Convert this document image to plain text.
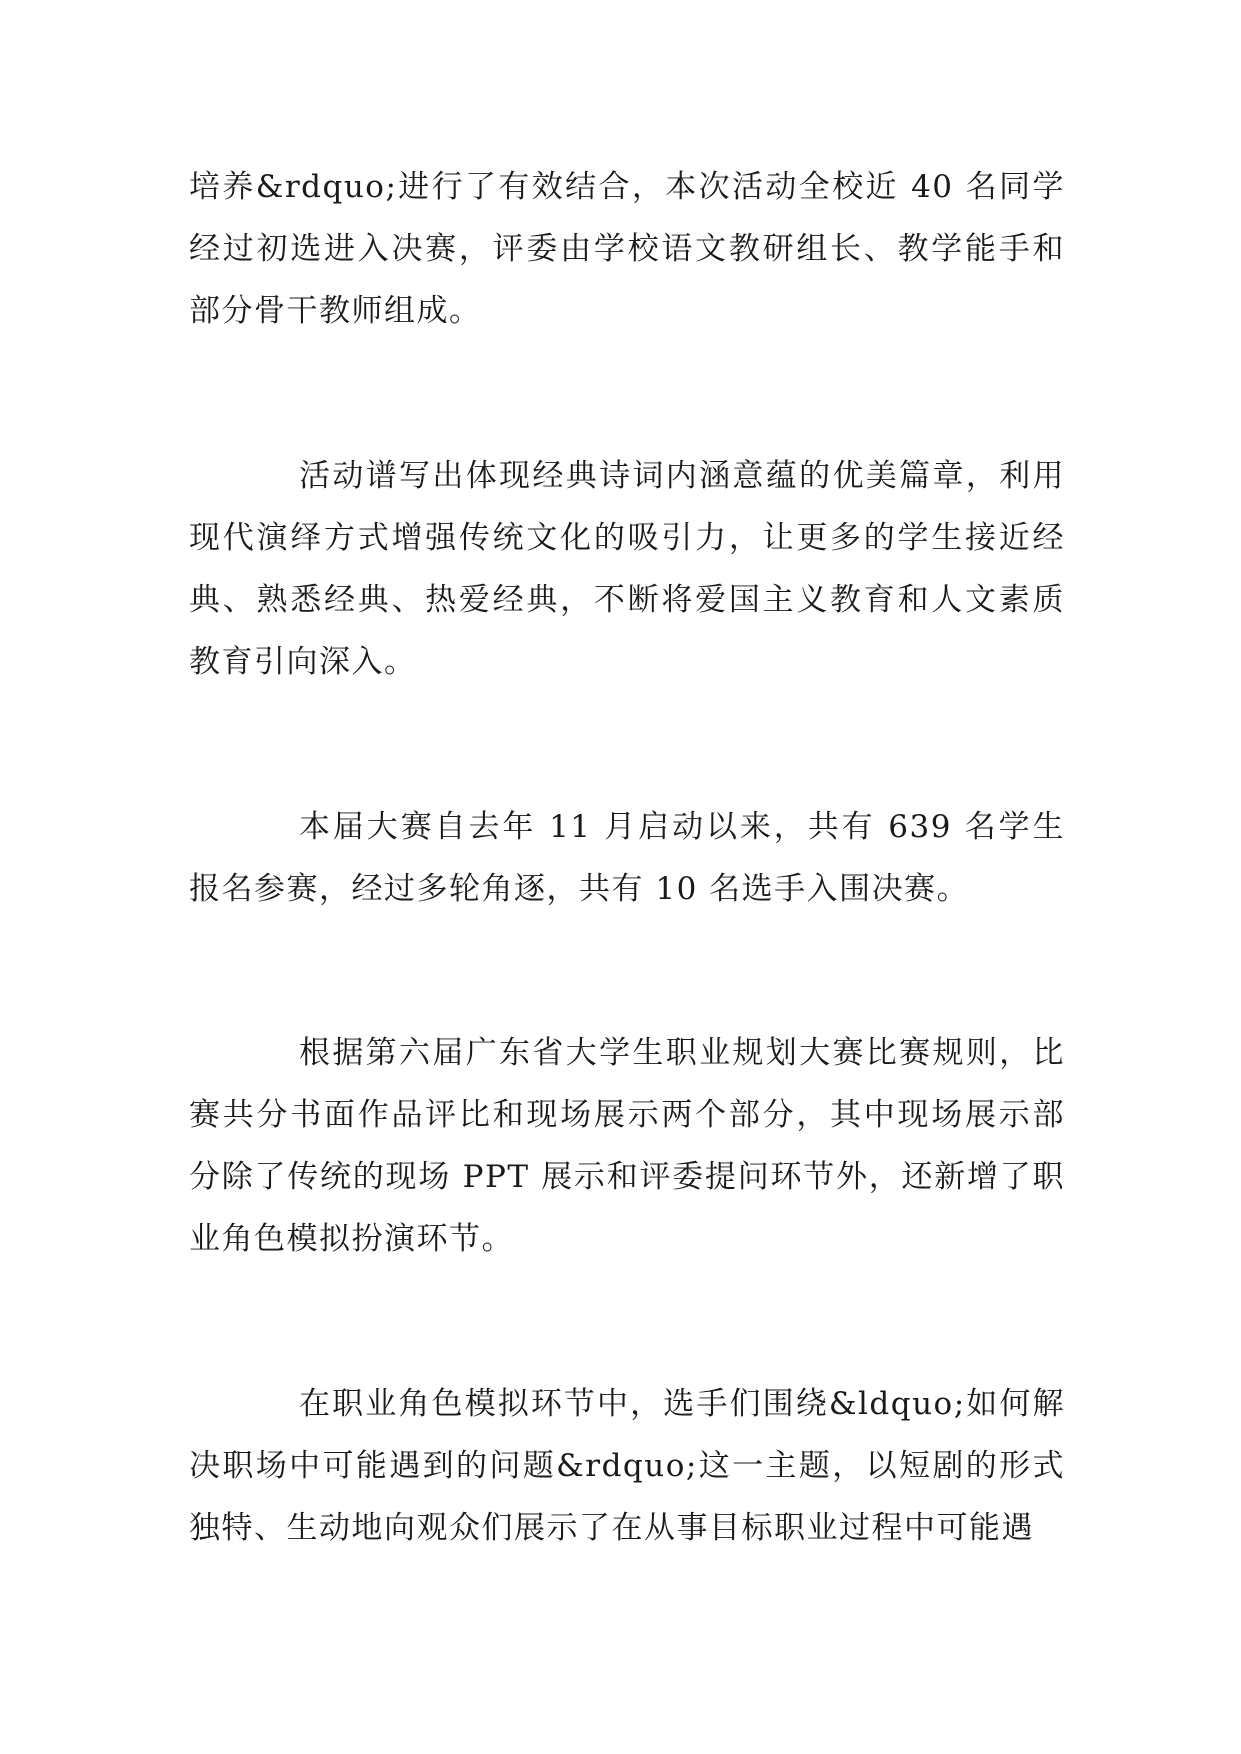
培养&rdquo;进行了有效结合，本次活动全校近 40 名同学经过初选进入决赛，评委由学校语文教研组长、教学能手和部分骨干教师组成。

活动谱写出体现经典诗词内涵意蕴的优美篇章，利用现代演绎方式增强传统文化的吸引力，让更多的学生接近经典、熟悉经典、热爱经典，不断将爱国主义教育和人文素质教育引向深入。

本届大赛自去年 11 月启动以来，共有 639 名学生报名参赛，经过多轮角逐，共有 10 名选手入围决赛。

根据第六届广东省大学生职业规划大赛比赛规则，比赛共分书面作品评比和现场展示两个部分，其中现场展示部分除了传统的现场 PPT 展示和评委提问环节外，还新增了职业角色模拟扮演环节。

在职业角色模拟环节中，选手们围绕&ldquo;如何解决职场中可能遇到的问题&rdquo;这一主题，以短剧的形式独特、生动地向观众们展示了在从事目标职业过程中可能遇
